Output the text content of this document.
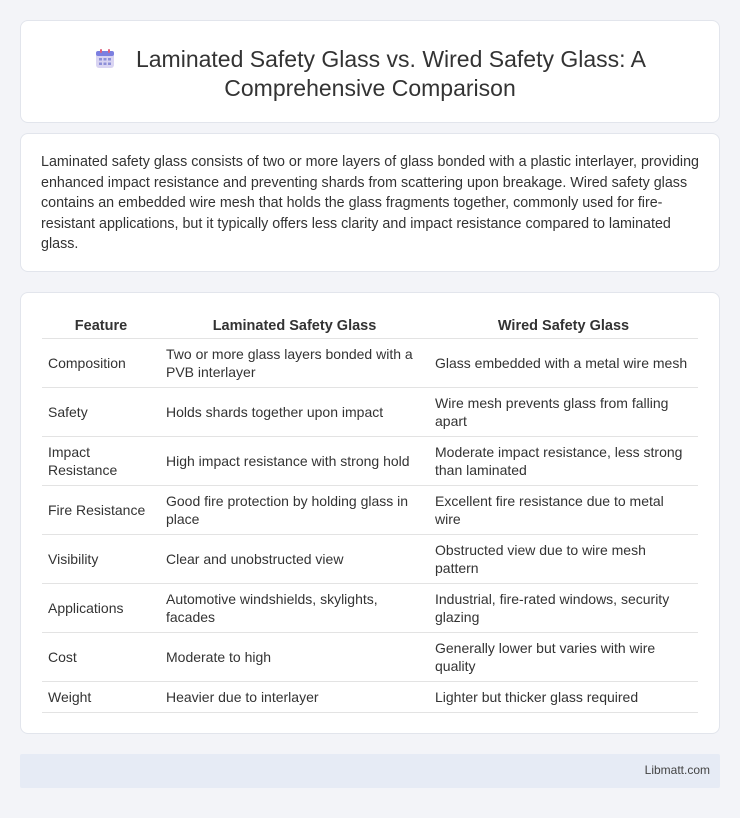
Laminated Safety Glass vs. Wired Safety Glass: A Comprehensive Comparison

Laminated safety glass consists of two or more layers of glass bonded with a plastic interlayer, providing enhanced impact resistance and preventing shards from scattering upon breakage. Wired safety glass contains an embedded wire mesh that holds the glass fragments together, commonly used for fire-resistant applications, but it typically offers less clarity and impact resistance compared to laminated glass.

Feature	Laminated Safety Glass	Wired Safety Glass
Composition	Two or more glass layers bonded with a PVB interlayer	Glass embedded with a metal wire mesh
Safety	Holds shards together upon impact	Wire mesh prevents glass from falling apart
Impact Resistance	High impact resistance with strong hold	Moderate impact resistance, less strong than laminated
Fire Resistance	Good fire protection by holding glass in place	Excellent fire resistance due to metal wire
Visibility	Clear and unobstructed view	Obstructed view due to wire mesh pattern
Applications	Automotive windshields, skylights, facades	Industrial, fire-rated windows, security glazing
Cost	Moderate to high	Generally lower but varies with wire quality
Weight	Heavier due to interlayer	Lighter but thicker glass required
Libmatt.com
